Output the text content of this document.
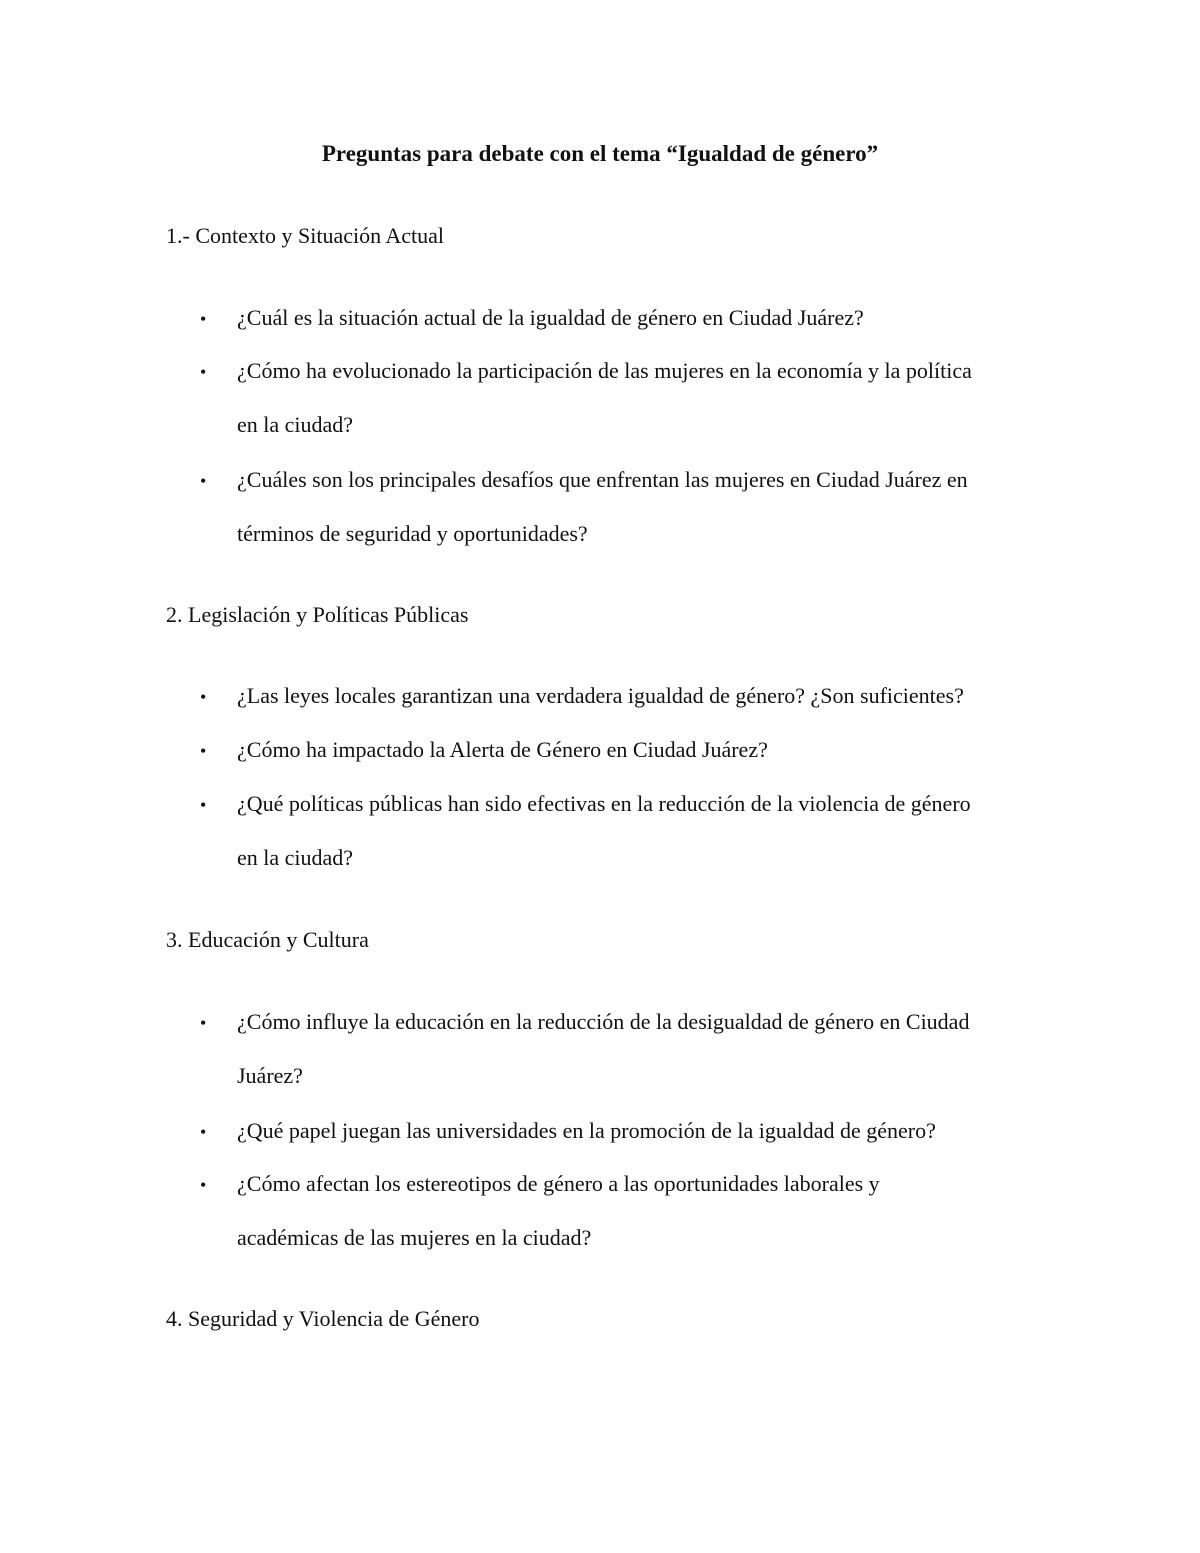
Preguntas para debate con el tema “Igualdad de género”
1.- Contexto y Situación Actual
• ¿Cuál es la situación actual de la igualdad de género en Ciudad Juárez?
• ¿Cómo ha evolucionado la participación de las mujeres en la economía y la política
en la ciudad?
• ¿Cuáles son los principales desafíos que enfrentan las mujeres en Ciudad Juárez en
términos de seguridad y oportunidades?
2. Legislación y Políticas Públicas
• ¿Las leyes locales garantizan una verdadera igualdad de género? ¿Son suficientes?
• ¿Cómo ha impactado la Alerta de Género en Ciudad Juárez?
• ¿Qué políticas públicas han sido efectivas en la reducción de la violencia de género
en la ciudad?
3. Educación y Cultura
• ¿Cómo influye la educación en la reducción de la desigualdad de género en Ciudad
Juárez?
• ¿Qué papel juegan las universidades en la promoción de la igualdad de género?
• ¿Cómo afectan los estereotipos de género a las oportunidades laborales y
académicas de las mujeres en la ciudad?
4. Seguridad y Violencia de Género
